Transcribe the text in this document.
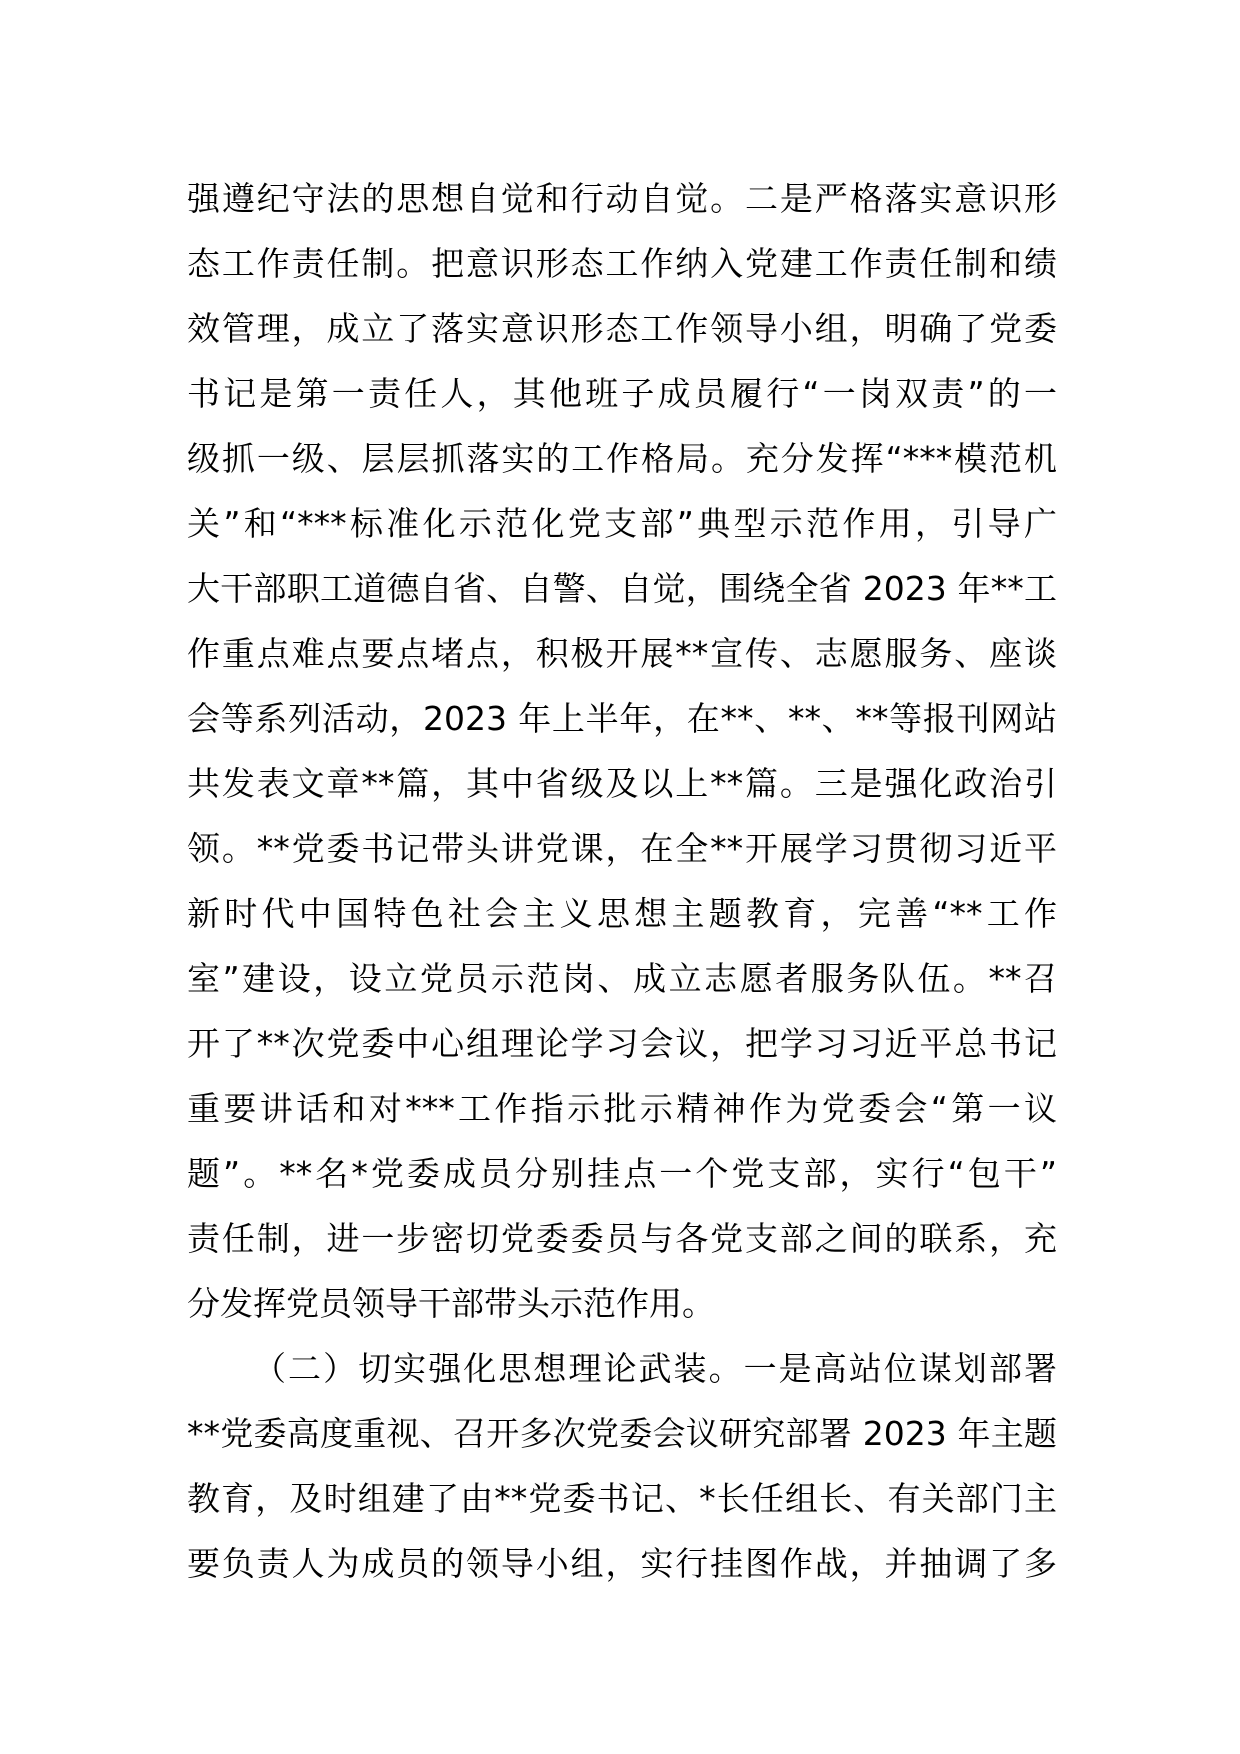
强遵纪守法的思想自觉和行动自觉。二是严格落实意识形
态工作责任制。把意识形态工作纳入党建工作责任制和绩
效管理，成立了落实意识形态工作领导小组，明确了党委
书记是第一责任人，其他班子成员履行“一岗双责”的一
级抓一级、层层抓落实的工作格局。充分发挥“***模范机
关”和“***标准化示范化党支部”典型示范作用，引导广
大干部职工道德自省、自警、自觉，围绕全省 2023 年**工
作重点难点要点堵点，积极开展**宣传、志愿服务、座谈
会等系列活动，2023 年上半年，在**、**、**等报刊网站
共发表文章**篇，其中省级及以上**篇。三是强化政治引
领。**党委书记带头讲党课，在全**开展学习贯彻习近平
新时代中国特色社会主义思想主题教育，完善“**工作
室”建设，设立党员示范岗、成立志愿者服务队伍。**召
开了**次党委中心组理论学习会议，把学习习近平总书记
重要讲话和对***工作指示批示精神作为党委会“第一议
题”。**名*党委成员分别挂点一个党支部，实行“包干”
责任制，进一步密切党委委员与各党支部之间的联系，充
分发挥党员领导干部带头示范作用。
（二）切实强化思想理论武装。一是高站位谋划部署
**党委高度重视、召开多次党委会议研究部署 2023 年主题
教育，及时组建了由**党委书记、*长任组长、有关部门主
要负责人为成员的领导小组，实行挂图作战，并抽调了多
